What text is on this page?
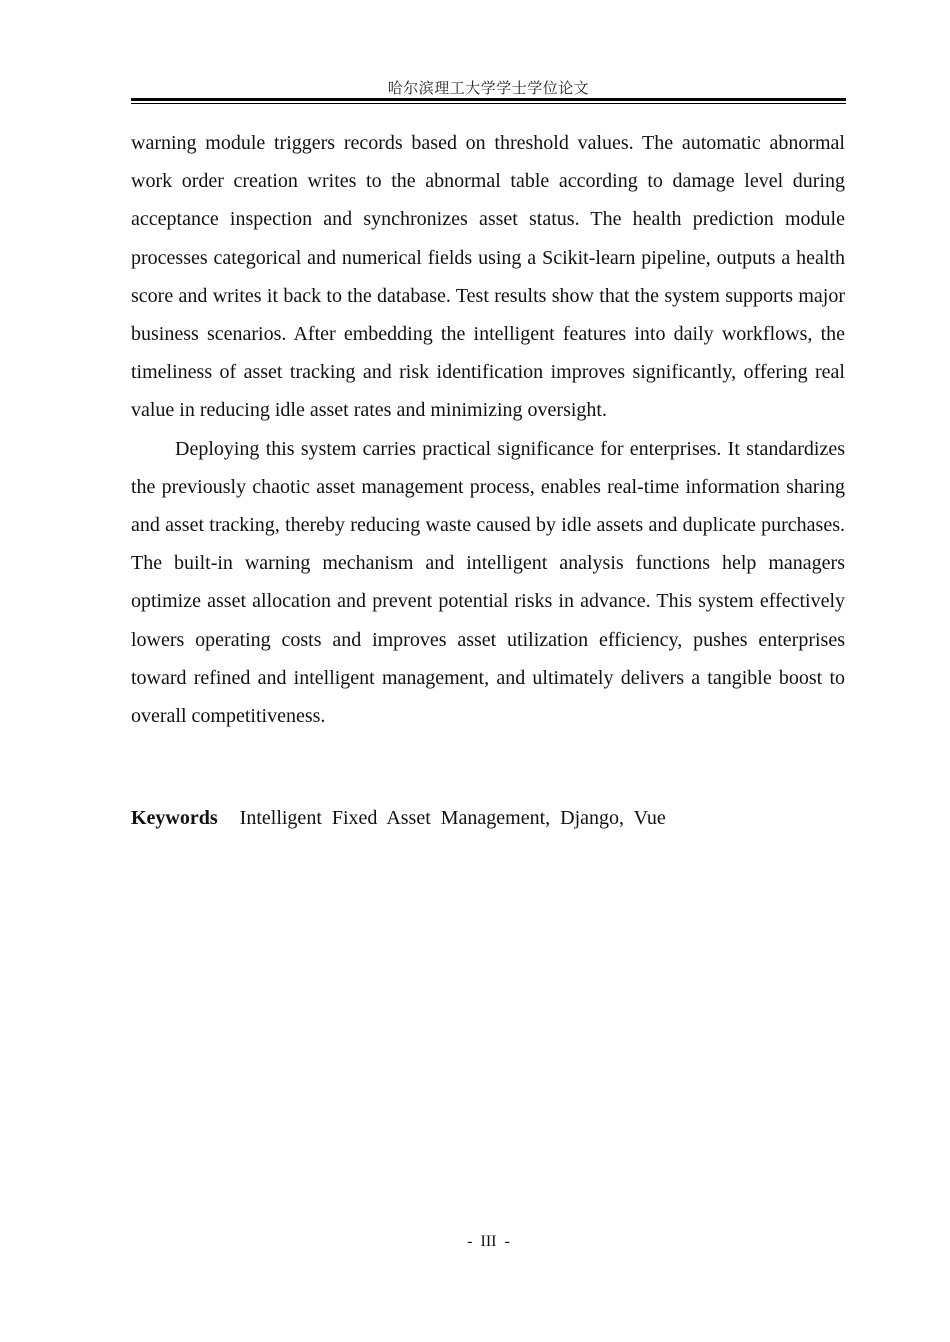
哈尔滨理工大学学士学位论文

warning module triggers records based on threshold values. The automatic abnormal work order creation writes to the abnormal table according to damage level during acceptance inspection and synchronizes asset status. The health prediction module processes categorical and numerical fields using a Scikit-learn pipeline, outputs a health score and writes it back to the database. Test results show that the system supports major business scenarios. After embedding the intelligent features into daily workflows, the timeliness of asset tracking and risk identification improves significantly, offering real value in reducing idle asset rates and minimizing oversight.

Deploying this system carries practical significance for enterprises. It standardizes the previously chaotic asset management process, enables real-time information sharing and asset tracking, thereby reducing waste caused by idle assets and duplicate purchases. The built-in warning mechanism and intelligent analysis functions help managers optimize asset allocation and prevent potential risks in advance. This system effectively lowers operating costs and improves asset utilization efficiency, pushes enterprises toward refined and intelligent management, and ultimately delivers a tangible boost to overall competitiveness.

Keywords Intelligent Fixed Asset Management, Django, Vue
- III -
